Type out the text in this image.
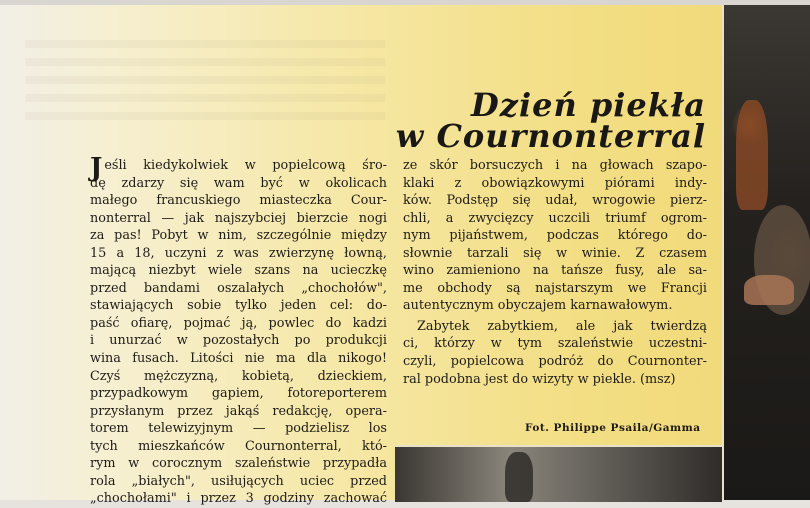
Dzień piekła
w Cournonterral
Jeśli kiedykolwiek w popielcową śro-
dę zdarzy się wam być w okolicach
małego francuskiego miasteczka Cour-
nonterral — jak najszybciej bierzcie nogi
za pas! Pobyt w nim, szczególnie między
15 a 18, uczyni z was zwierzynę łowną,
mającą niezbyt wiele szans na ucieczkę
przed bandami oszalałych „chochołów",
stawiających sobie tylko jeden cel: do-
paść ofiarę, pojmać ją, powlec do kadzi
i unurzać w pozostałych po produkcji
wina fusach. Litości nie ma dla nikogo!
Czyś mężczyzną, kobietą, dzieckiem,
przypadkowym gapiem, fotoreporterem
przysłanym przez jakąś redakcję, opera-
torem telewizyjnym — podzielisz los
tych mieszkańców Cournonterral, któ-
rym w corocznym szaleństwie przypadła
rola „białych", usiłujących uciec przed
„chochołami" i przez 3 godziny zachować
ze skór borsuczych i na głowach szapo-
klaki z obowiązkowymi piórami indy-
ków. Podstęp się udał, wrogowie pierz-
chli, a zwycięzcy uczcili triumf ogrom-
nym pijaństwem, podczas którego do-
słownie tarzali się w winie. Z czasem
wino zamieniono na tańsze fusy, ale sa-
me obchody są najstarszym we Francji
autentycznym obyczajem karnawałowym.
Zabytek zabytkiem, ale jak twierdzą
ci, którzy w tym szaleństwie uczestni-
czyli, popielcowa podróż do Cournonter-
ral podobna jest do wizyty w piekle. (msz)
Fot. Philippe Psaila/Gamma
